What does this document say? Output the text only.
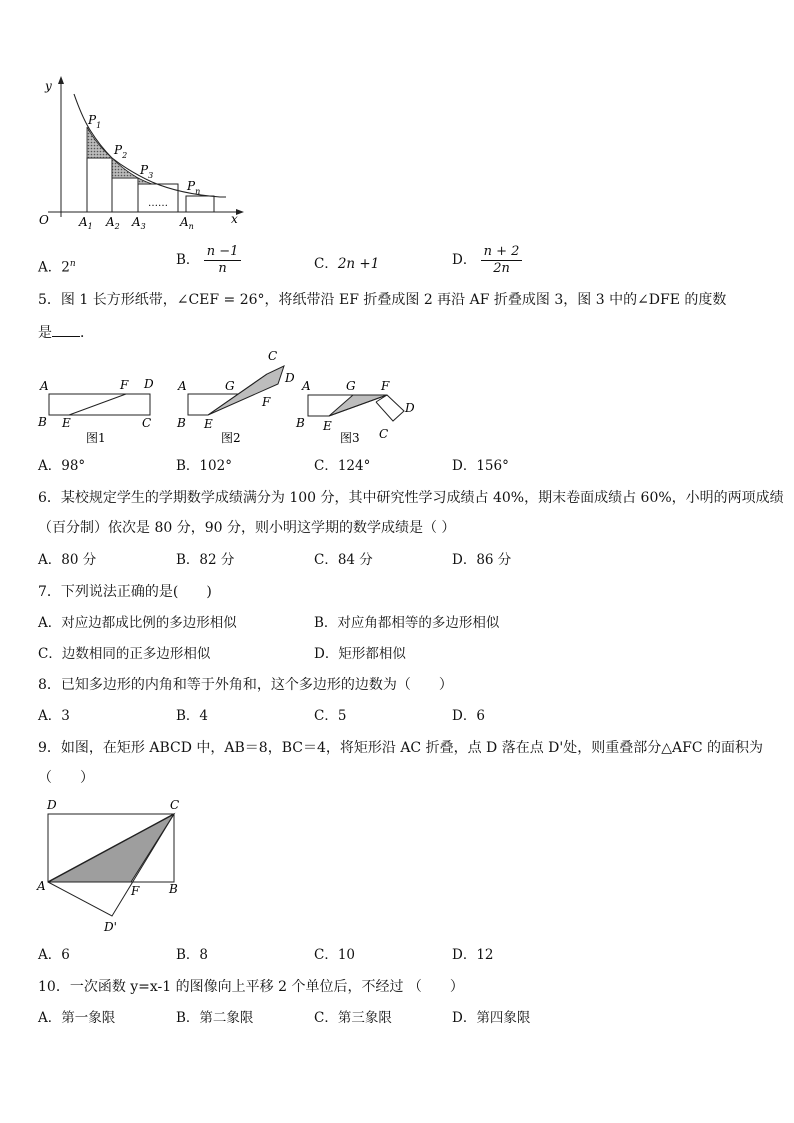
y
x
O
$P_1$
$P_2$
$P_3$
$P_n$
$A_1$ $A_2$ $A_3$	$A_n$
……
A．2$^n$	B． $\frac{n -1}{n}$	C．2n +1	D． $\frac{n + 2}{2n}$
5．图 1 长方形纸带，∠CEF = 26°，将纸带沿 EF 折叠成图 2 再沿 AF 折叠成图 3，图 3 中的∠DFE 的度数
是 ．
A	F D
B E	C
图1
A	G
C
D
F
B E
图2
A	G F
D
B E
C
图3
A．98°	B．102°	C．124°	D．156°
6．某校规定学生的学期数学成绩满分为 100 分，其中研究性学习成绩占 40%，期末卷面成绩占 60%，小明的两项成绩
（百分制）依次是 80 分，90 分，则小明这学期的数学成绩是（ ）
A．80 分	B．82 分	C．84 分	D．86 分
7．下列说法正确的是(　　)
A．对应边都成比例的多边形相似	B．对应角都相等的多边形相似
C．边数相同的正多边形相似	D．矩形都相似
8．已知多边形的内角和等于外角和，这个多边形的边数为（　　）
A．3	B．4	C．5	D．6
9．如图，在矩形 ABCD 中，AB＝8，BC＝4，将矩形沿 AC 折叠，点 D 落在点 D'处，则重叠部分△AFC 的面积为
（　　）
D	C
A	F B
D'
A．6	B．8	C．10	D．12
10．一次函数 y=x-1 的图像向上平移 2 个单位后，不经过 （　　）
A．第一象限	B．第二象限	C．第三象限	D．第四象限
